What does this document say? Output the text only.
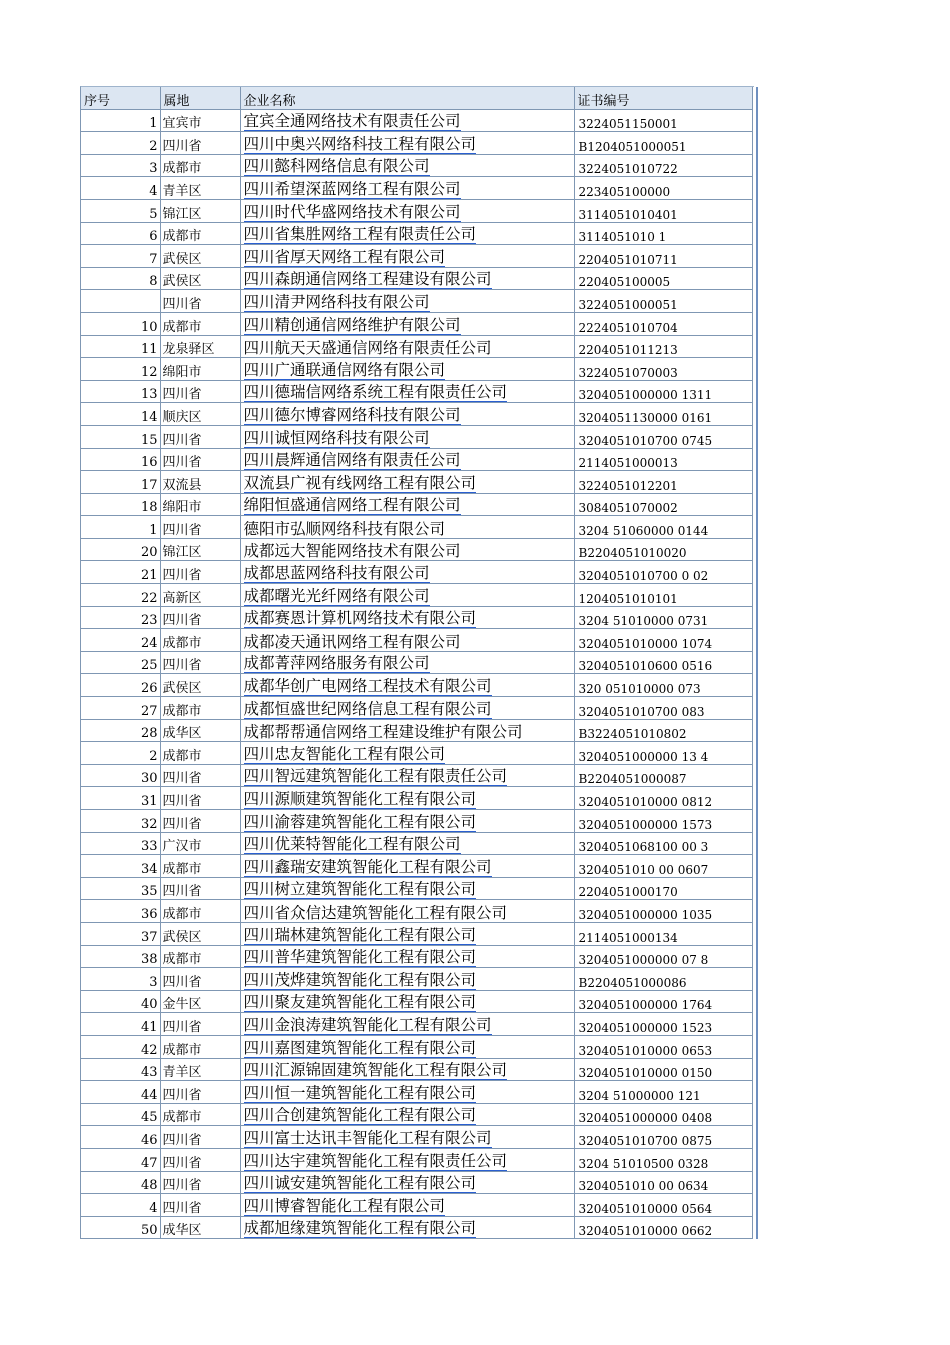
序号	属地	企业名称	证书编号
1	宜宾市	宜宾全通网络技术有限责任公司	3224051150001
2	四川省	四川中奥兴网络科技工程有限公司	B1204051000051
3	成都市	四川懿科网络信息有限公司	3224051010722
4	青羊区	四川希望深蓝网络工程有限公司	223405100000
5	锦江区	四川时代华盛网络技术有限公司	3114051010401
6	成都市	四川省集胜网络工程有限责任公司	3114051010 1
7	武侯区	四川省厚天网络工程有限公司	2204051010711
8	武侯区	四川森朗通信网络工程建设有限公司	220405100005
	四川省	四川清尹网络科技有限公司	3224051000051
10	成都市	四川精创通信网络维护有限公司	2224051010704
11	龙泉驿区	四川航天天盛通信网络有限责任公司	2204051011213
12	绵阳市	四川广通联通信网络有限公司	3224051070003
13	四川省	四川德瑞信网络系统工程有限责任公司	3204051000000 1311
14	顺庆区	四川德尔博睿网络科技有限公司	3204051130000 0161
15	四川省	四川诚恒网络科技有限公司	3204051010700 0745
16	四川省	四川晨辉通信网络有限责任公司	2114051000013
17	双流县	双流县广视有线网络工程有限公司	3224051012201
18	绵阳市	绵阳恒盛通信网络工程有限公司	3084051070002
1	四川省	德阳市弘顺网络科技有限公司	3204 51060000 0144
20	锦江区	成都远大智能网络技术有限公司	B2204051010020
21	四川省	成都思蓝网络科技有限公司	3204051010700 0 02
22	高新区	成都曙光光纤网络有限公司	1204051010101
23	四川省	成都赛恩计算机网络技术有限公司	3204 51010000 0731
24	成都市	成都凌天通讯网络工程有限公司	3204051010000 1074
25	四川省	成都菁萍网络服务有限公司	3204051010600 0516
26	武侯区	成都华创广电网络工程技术有限公司	320 051010000 073
27	成都市	成都恒盛世纪网络信息工程有限公司	3204051010700 083
28	成华区	成都帮帮通信网络工程建设维护有限公司	B3224051010802
2	成都市	四川忠友智能化工程有限公司	3204051000000 13 4
30	四川省	四川智远建筑智能化工程有限责任公司	B2204051000087
31	四川省	四川源顺建筑智能化工程有限公司	3204051010000 0812
32	四川省	四川渝蓉建筑智能化工程有限公司	3204051000000 1573
33	广汉市	四川优莱特智能化工程有限公司	3204051068100 00 3
34	成都市	四川鑫瑞安建筑智能化工程有限公司	3204051010 00 0607
35	四川省	四川树立建筑智能化工程有限公司	2204051000170
36	成都市	四川省众信达建筑智能化工程有限公司	3204051000000 1035
37	武侯区	四川瑞林建筑智能化工程有限公司	2114051000134
38	成都市	四川普华建筑智能化工程有限公司	3204051000000 07 8
3	四川省	四川茂烨建筑智能化工程有限公司	B2204051000086
40	金牛区	四川聚友建筑智能化工程有限公司	3204051000000 1764
41	四川省	四川金浪涛建筑智能化工程有限公司	3204051000000 1523
42	成都市	四川嘉图建筑智能化工程有限公司	3204051010000 0653
43	青羊区	四川汇源锦固建筑智能化工程有限公司	3204051010000 0150
44	四川省	四川恒一建筑智能化工程有限公司	3204 51000000 121
45	成都市	四川合创建筑智能化工程有限公司	3204051000000 0408
46	四川省	四川富士达讯丰智能化工程有限公司	3204051010700 0875
47	四川省	四川达宇建筑智能化工程有限责任公司	3204 51010500 0328
48	四川省	四川诚安建筑智能化工程有限公司	3204051010 00 0634
4	四川省	四川博睿智能化工程有限公司	3204051010000 0564
50	成华区	成都旭缘建筑智能化工程有限公司	3204051010000 0662
